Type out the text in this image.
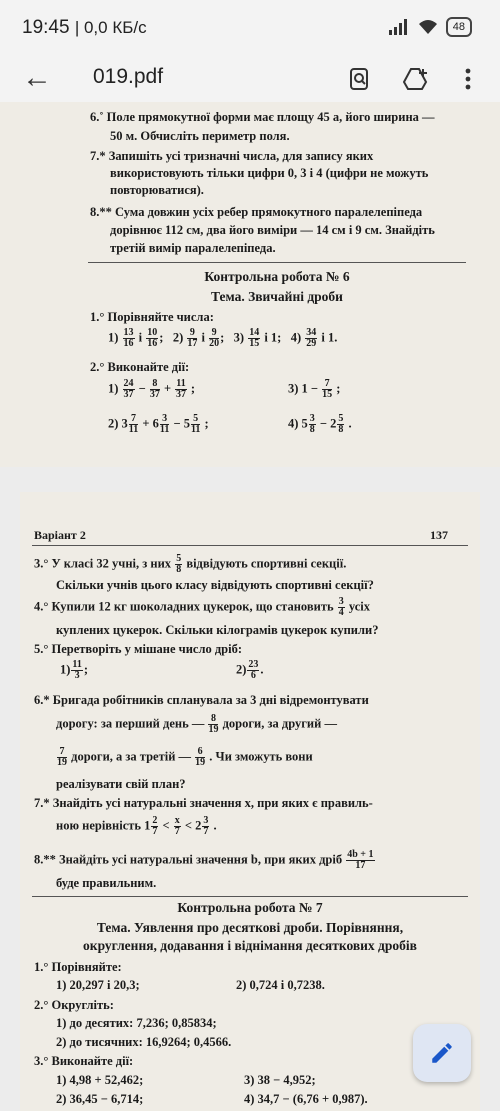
19:45 | 0,0 КБ/с	48
← 019.pdf
6.˚ Поле прямокутної форми має площу 45 а, його ширина —
50 м. Обчисліть периметр поля.
7.* Запишіть усі тризначні числа, для запису яких
використовують тільки цифри 0, 3 і 4 (цифри не можуть
повторюватися).
8.** Сума довжин усіх ребер прямокутного паралелепіпеда
дорівнює 112 см, два його виміри — 14 см і 9 см. Знайдіть
третій вимір паралелепіпеда.
Контрольна робота № 6
Тема. Звичайні дроби
1.° Порівняйте числа:
$1) \frac{13}{16}$ і $\frac{10}{16}$ ;   $2) \frac{9}{17}$ і $\frac{9}{20}$ ;   $3) \frac{14}{15}$ і 1; $4) \frac{34}{29}$ і 1.
2.° Виконайте дії:
$1) \frac{24}{37} - \frac{8}{37} + \frac{11}{37}$ ;	3) $1 - \frac{7}{15}$ ;
2) $3 \frac{7}{11} + 6 \frac{3}{11} - 5 \frac{5}{11}$ ;	4) $5 \frac{3}{8} - 2 \frac{5}{8}$ .
Варіант 2	137
3.° У класі 32 учні, з них $\frac{5}{8}$ відвідують спортивні секції.
Скільки учнів цього класу відвідують спортивні секції?
4.° Купили 12 кг шоколадних цукерок, що становить $\frac{3}{4}$ усіх
куплених цукерок. Скільки кілограмів цукерок купили?
5.° Перетворіть у мішане число дріб:
$1) \frac{11}{3}$ ;	$2) \frac{23}{6}$ .
6.* Бригада робітників спланувала за 3 дні відремонтувати
дорогу: за перший день — $\frac{8}{19}$ дороги, за другий —
$\frac{7}{19}$ дороги, а за третій — $\frac{6}{19}$ . Чи зможуть вони
реалізувати свій план?
7.* Знайдіть усі натуральні значення x, при яких є правиль-
ною нерівність $1 \frac{2}{7} < \frac{x}{7} < 2 \frac{3}{7}$ .
8.** Знайдіть усі натуральні значення b, при яких дріб $\frac{4b + 1}{17}$
буде правильним.
Контрольна робота № 7
Тема. Уявлення про десяткові дроби. Порівняння,
округлення, додавання і віднімання десяткових дробів
1.° Порівняйте:
1) 20,297 і 20,3;	2) 0,724 і 0,7238.
2.° Округліть:
1) до десятих: 7,236; 0,85834;
2) до тисячних: 16,9264; 0,4566.
3.° Виконайте дії:
1) 4,98 + 52,462;	3) 38 − 4,952;
2) 36,45 − 6,714;	4) 34,7 − (6,76 + 0,987).
